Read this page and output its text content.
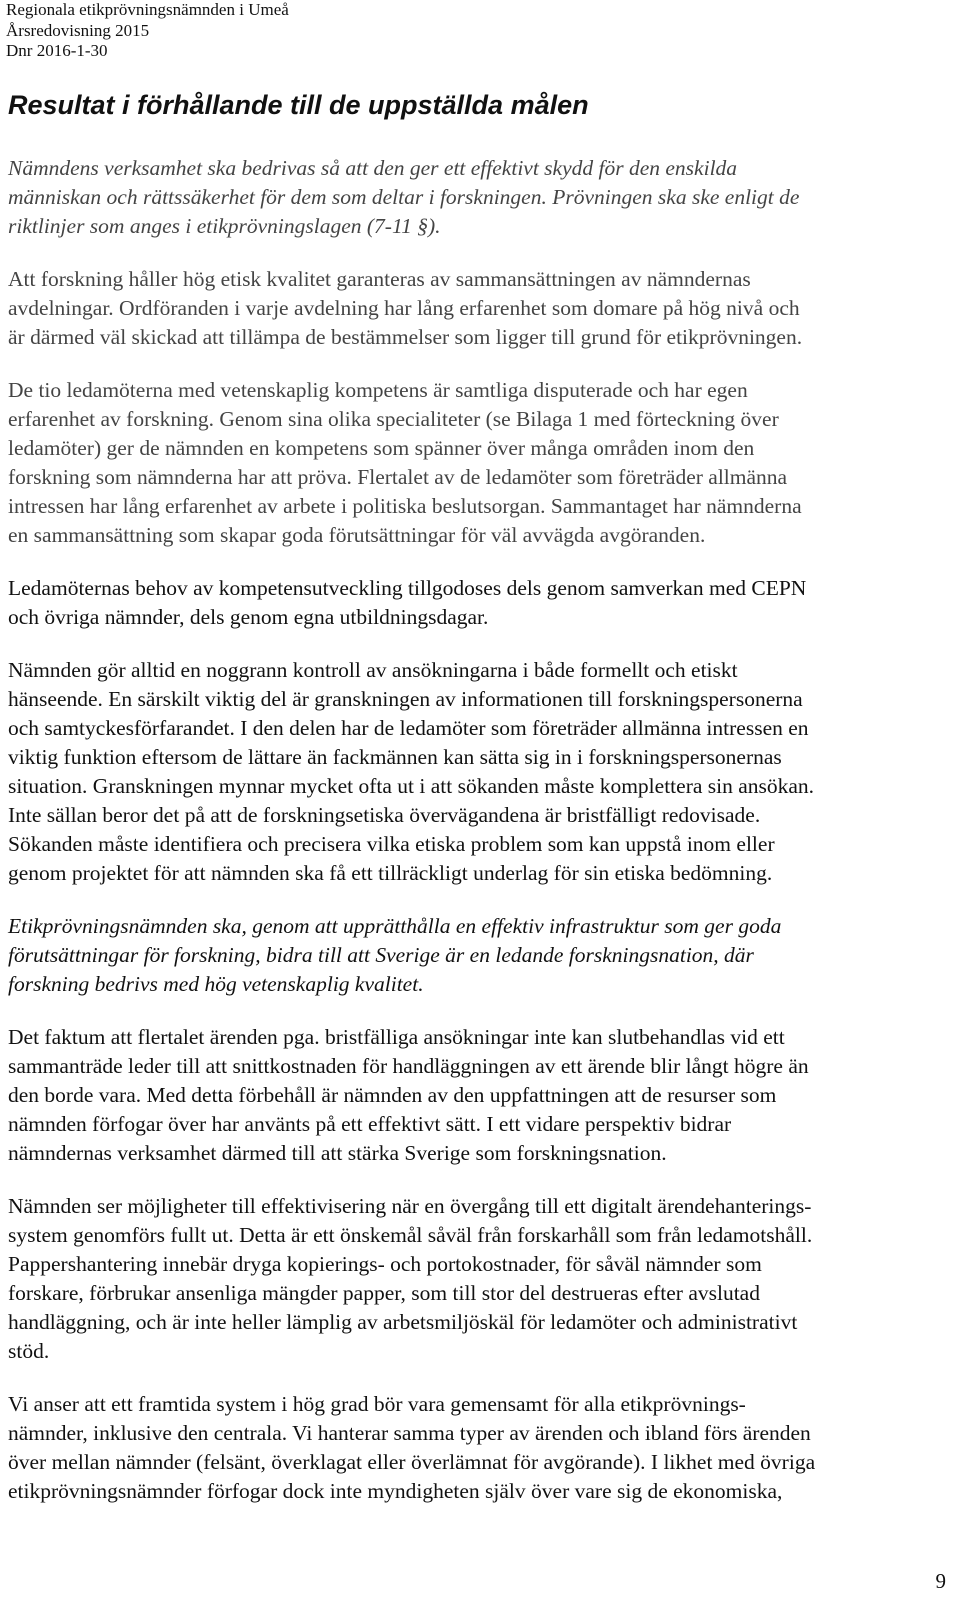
Regionala etikprövningsnämnden i Umeå
Årsredovisning 2015
Dnr 2016-1-30
Resultat i förhållande till de uppställda målen

Nämndens verksamhet ska bedrivas så att den ger ett effektivt skydd för den enskilda
människan och rättssäkerhet för dem som deltar i forskningen. Prövningen ska ske enligt de
riktlinjer som anges i etikprövningslagen (7-11 §).

Att forskning håller hög etisk kvalitet garanteras av sammansättningen av nämndernas
avdelningar. Ordföranden i varje avdelning har lång erfarenhet som domare på hög nivå och
är därmed väl skickad att tillämpa de bestämmelser som ligger till grund för etikprövningen.

De tio ledamöterna med vetenskaplig kompetens är samtliga disputerade och har egen
erfarenhet av forskning. Genom sina olika specialiteter (se Bilaga 1 med förteckning över
ledamöter) ger de nämnden en kompetens som spänner över många områden inom den
forskning som nämnderna har att pröva. Flertalet av de ledamöter som företräder allmänna
intressen har lång erfarenhet av arbete i politiska beslutsorgan. Sammantaget har nämnderna
en sammansättning som skapar goda förutsättningar för väl avvägda avgöranden.

Ledamöternas behov av kompetensutveckling tillgodoses dels genom samverkan med CEPN
och övriga nämnder, dels genom egna utbildningsdagar.

Nämnden gör alltid en noggrann kontroll av ansökningarna i både formellt och etiskt
hänseende. En särskilt viktig del är granskningen av informationen till forskningspersonerna
och samtyckesförfarandet. I den delen har de ledamöter som företräder allmänna intressen en
viktig funktion eftersom de lättare än fackmännen kan sätta sig in i forskningspersonernas
situation. Granskningen mynnar mycket ofta ut i att sökanden måste komplettera sin ansökan.
Inte sällan beror det på att de forskningsetiska övervägandena är bristfälligt redovisade.
Sökanden måste identifiera och precisera vilka etiska problem som kan uppstå inom eller
genom projektet för att nämnden ska få ett tillräckligt underlag för sin etiska bedömning.

Etikprövningsnämnden ska, genom att upprätthålla en effektiv infrastruktur som ger goda
förutsättningar för forskning, bidra till att Sverige är en ledande forskningsnation, där
forskning bedrivs med hög vetenskaplig kvalitet.

Det faktum att flertalet ärenden pga. bristfälliga ansökningar inte kan slutbehandlas vid ett
sammanträde leder till att snittkostnaden för handläggningen av ett ärende blir långt högre än
den borde vara. Med detta förbehåll är nämnden av den uppfattningen att de resurser som
nämnden förfogar över har använts på ett effektivt sätt. I ett vidare perspektiv bidrar
nämndernas verksamhet därmed till att stärka Sverige som forskningsnation.

Nämnden ser möjligheter till effektivisering när en övergång till ett digitalt ärendehanterings-
system genomförs fullt ut. Detta är ett önskemål såväl från forskarhåll som från ledamotshåll.
Pappershantering innebär dryga kopierings- och portokostnader, för såväl nämnder som
forskare, förbrukar ansenliga mängder papper, som till stor del destrueras efter avslutad
handläggning, och är inte heller lämplig av arbetsmiljöskäl för ledamöter och administrativt
stöd.

Vi anser att ett framtida system i hög grad bör vara gemensamt för alla etikprövnings-
nämnder, inklusive den centrala. Vi hanterar samma typer av ärenden och ibland förs ärenden
över mellan nämnder (felsänt, överklagat eller överlämnat för avgörande). I likhet med övriga
etikprövningsnämnder förfogar dock inte myndigheten själv över vare sig de ekonomiska,

9
